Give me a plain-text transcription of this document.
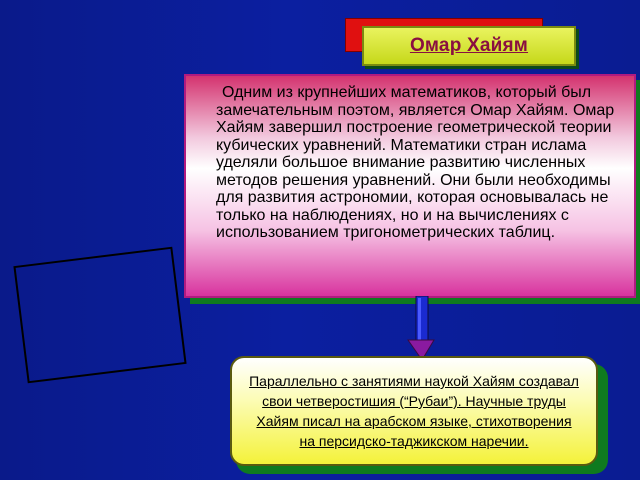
Омар Хайям
Одним из крупнейших математиков, который был замечательным поэтом, является Омар Хайям. Омар Хайям завершил построение геометрической теории кубических уравнений. Математики стран ислама уделяли большое внимание развитию численных методов решения уравнений. Они были необходимы для развития астрономии, которая основывалась не только на наблюдениях, но и на вычислениях с использованием тригонометрических таблиц.
Параллельно с занятиями наукой Хайям создавал свои четверостишия (“Рубаи”). Научные труды Хайям писал на арабском языке, стихотворения на персидско-таджикском наречии.
